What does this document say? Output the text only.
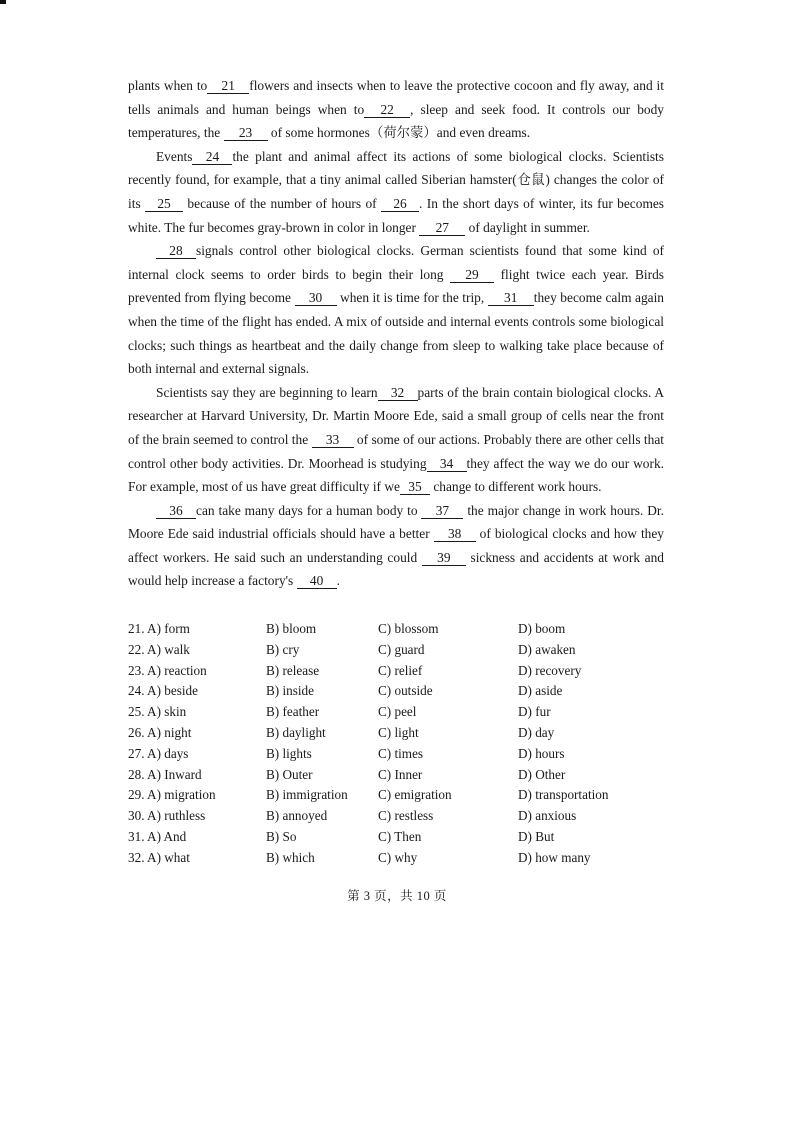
plants when to 21 flowers and insects when to leave the protective cocoon and fly away, and it tells animals and human beings when to 22 , sleep and seek food. It controls our body temperatures, the 23 of some hormones（荷尔蒙）and even dreams.

Events 24 the plant and animal affect its actions of some biological clocks. Scientists recently found, for example, that a tiny animal called Siberian hamster(仓鼠) changes the color of its 25 because of the number of hours of 26 . In the short days of winter, its fur becomes white. The fur becomes gray-brown in color in longer 27 of daylight in summer.

28 signals control other biological clocks. German scientists found that some kind of internal clock seems to order birds to begin their long 29 flight twice each year. Birds prevented from flying become 30 when it is time for the trip, 31 they become calm again when the time of the flight has ended. A mix of outside and internal events controls some biological clocks; such things as heartbeat and the daily change from sleep to walking take place because of both internal and external signals.

Scientists say they are beginning to learn 32 parts of the brain contain biological clocks. A researcher at Harvard University, Dr. Martin Moore Ede, said a small group of cells near the front of the brain seemed to control the 33 of some of our actions. Probably there are other cells that control other body activities. Dr. Moorhead is studying 34 they affect the way we do our work. For example, most of us have great difficulty if we 35 change to different work hours.

36 can take many days for a human body to 37 the major change in work hours. Dr. Moore Ede said industrial officials should have a better 38 of biological clocks and how they affect workers. He said such an understanding could 39 sickness and accidents at work and would help increase a factory's 40 .

21. A) form	B) bloom	C) blossom	D) boom
22. A) walk	B) cry	C) guard	D) awaken
23. A) reaction	B) release	C) relief	D) recovery
24. A) beside	B) inside	C) outside	D) aside
25. A) skin	B) feather	C) peel	D) fur
26. A) night	B) daylight	C) light	D) day
27. A) days	B) lights	C) times	D) hours
28. A) Inward	B) Outer	C) Inner	D) Other
29. A) migration	B) immigration C) emigration	D) transportation
30. A) ruthless	B) annoyed	C) restless	D) anxious
31. A) And	B) So	C) Then	D) But
32. A) what	B) which	C) why	D) how many
第 3 页，共 10 页
